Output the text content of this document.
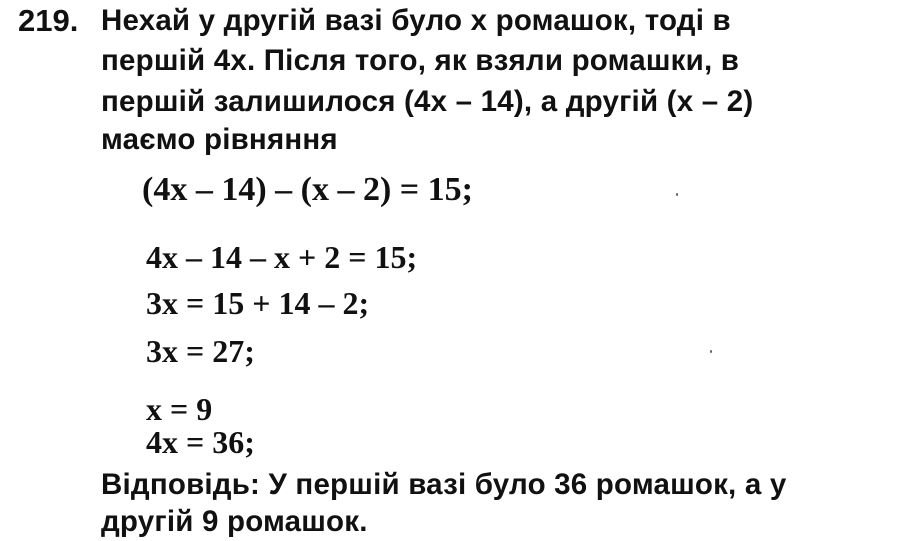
219. Нехай у другій вазі було x ромашок, тоді в
першій 4x. Після того, як взяли ромашки, в
першій залишилося (4x – 14), а другій (x – 2)
маємо рівняння
(4x – 14) – (x – 2) = 15;
4x – 14 – x + 2 = 15;
3x = 15 + 14 – 2;
3x = 27;
x = 9
4x = 36;
Відповідь: У першій вазі було 36 ромашок, а у
другій 9 ромашок.
